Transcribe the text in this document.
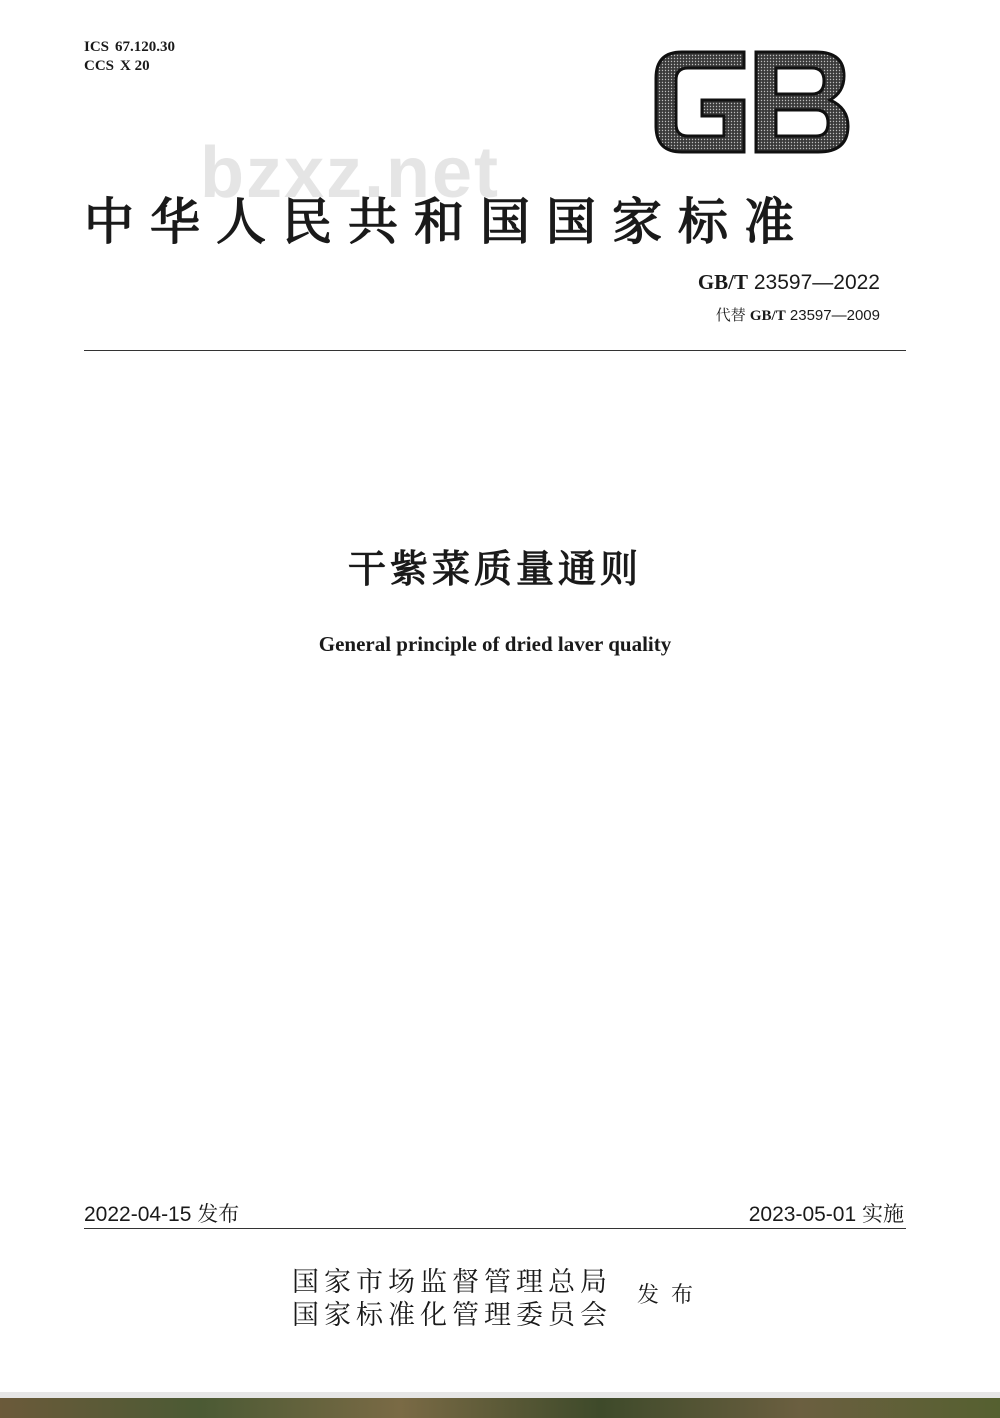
ICS 67.120.30
CCS X 20
GB
bzxz.net
中华人民共和国国家标准
GB/T 23597—2022
代替 GB/T 23597—2009
干紫菜质量通则
General principle of dried laver quality
2022-04-15 发布	2023-05-01 实施
国家市场监督管理总局
国家标准化管理委员会
发布
